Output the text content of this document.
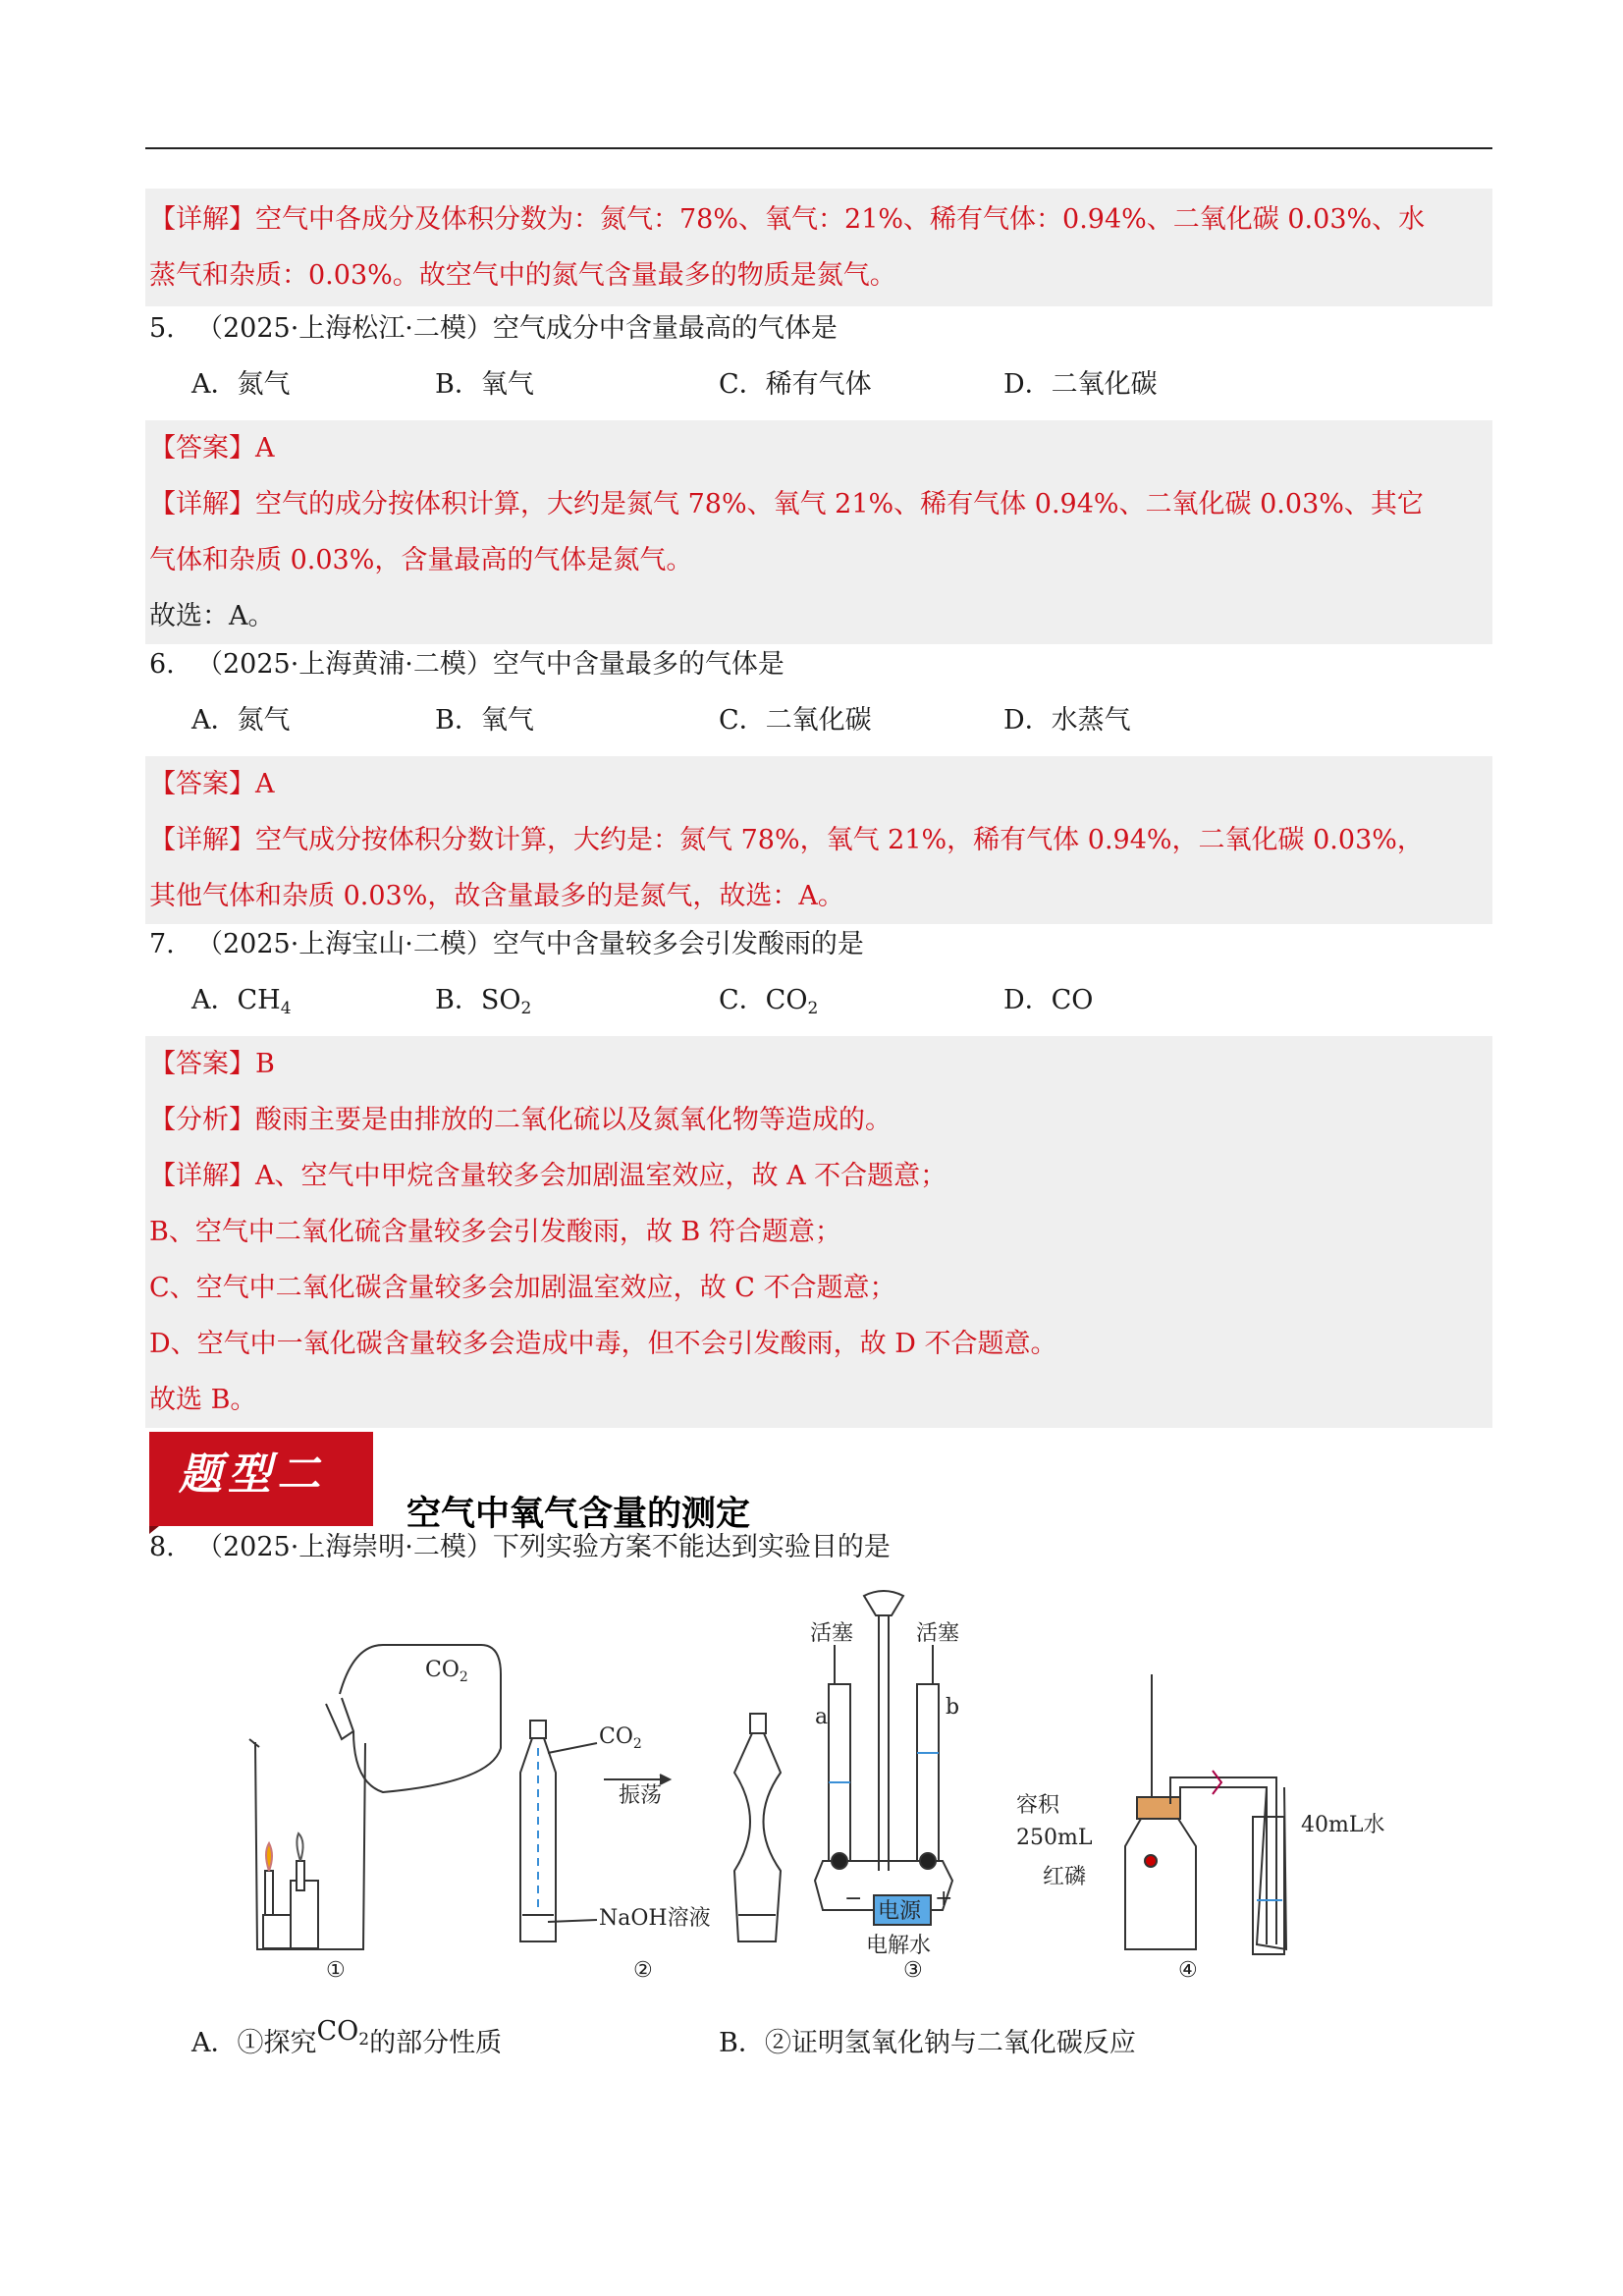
【详解】空气中各成分及体积分数为：氮气：78%、氧气：21%、稀有气体：0.94%、二氧化碳 0.03%、水
蒸气和杂质：0.03%。故空气中的氮气含量最多的物质是氮气。
5. （2025·上海松江·二模）空气成分中含量最高的气体是
A．氮气	B．氧气	C．稀有气体	D．二氧化碳
【答案】A
【详解】空气的成分按体积计算，大约是氮气 78%、氧气 21%、稀有气体 0.94%、二氧化碳 0.03%、其它
气体和杂质 0.03%，含量最高的气体是氮气。
故选：A。
6. （2025·上海黄浦·二模）空气中含量最多的气体是
A．氮气	B．氧气	C．二氧化碳	D．水蒸气
【答案】A
【详解】空气成分按体积分数计算，大约是：氮气 78%，氧气 21%，稀有气体 0.94%，二氧化碳 0.03%，
其他气体和杂质 0.03%，故含量最多的是氮气，故选：A。
7. （2025·上海宝山·二模）空气中含量较多会引发酸雨的是
A．$CH_4$	B．$SO_2$	C．$CO_2$	D．CO
【答案】B
【分析】酸雨主要是由排放的二氧化硫以及氮氧化物等造成的。
【详解】A、空气中甲烷含量较多会加剧温室效应，故 A 不合题意；
B、空气中二氧化硫含量较多会引发酸雨，故 B 符合题意；
C、空气中二氧化碳含量较多会加剧温室效应，故 C 不合题意；
D、空气中一氧化碳含量较多会造成中毒，但不会引发酸雨，故 D 不合题意。
故选 B。
题型二
空气中氧气含量的测定
8. （2025·上海崇明·二模）下列实验方案不能达到实验目的是
$CO_2$
$CO_2$
振荡
NaOH溶液
活塞	活塞
a	b
−	+
电源
电解水
容积
250mL
红磷
40mL水
①	②	③	④
A．①探究$CO_2$的部分性质	B．②证明氢氧化钠与二氧化碳反应
